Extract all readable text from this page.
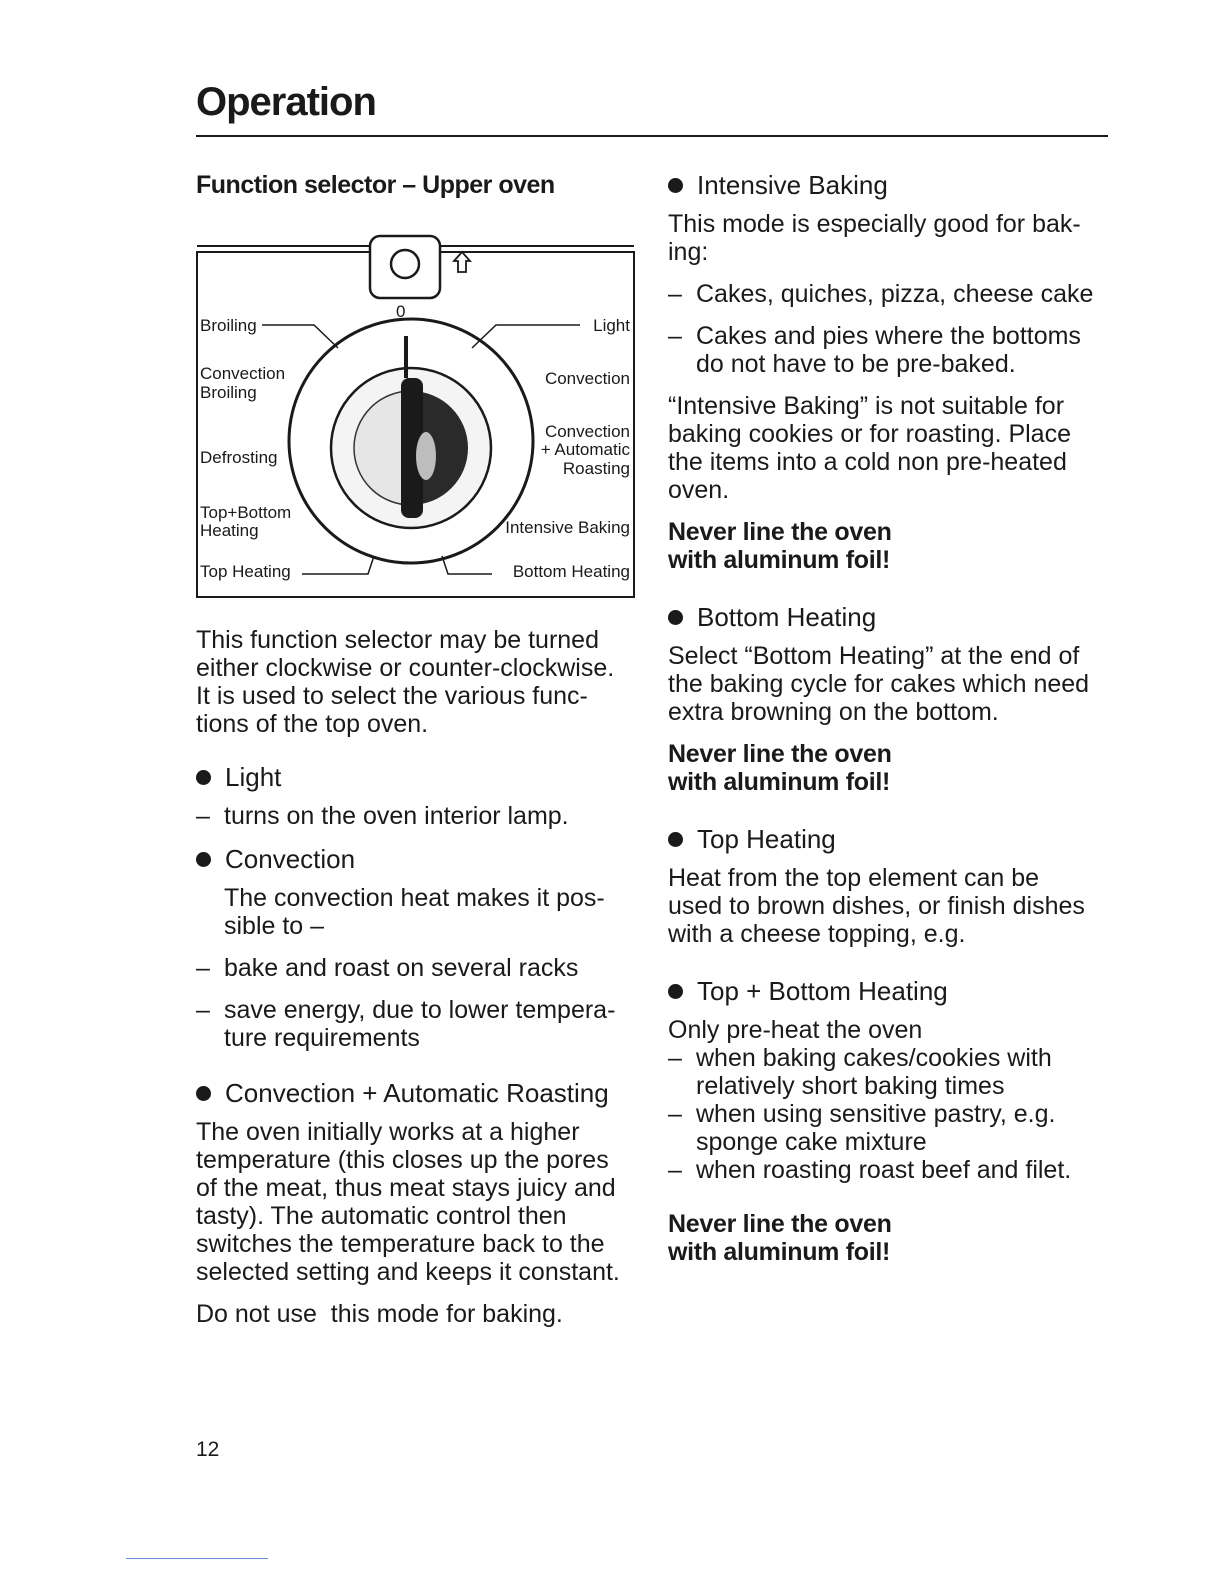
Operation
Function selector – Upper oven
0
Broiling
Convection
Broiling
Defrosting
Top+Bottom
Heating
Top Heating
Light
Convection
Convection
+ Automatic
Roasting
Intensive Baking
Bottom Heating

This function selector may be turned

either clockwise or counter-clockwise.

It is used to select the various func-

tions of the top oven.

Light
– turns on the oven interior lamp.
Convection

The convection heat makes it pos-

sible to –

– bake and roast on several racks
– save energy, due to lower tempera-
ture requirements
Convection + Automatic Roasting

The oven initially works at a higher

temperature (this closes up the pores

of the meat, thus meat stays juicy and

tasty). The automatic control then

switches the temperature back to the

selected setting and keeps it constant.

Do not use  this mode for baking.

Intensive Baking

This mode is especially good for bak-

ing:

– Cakes, quiches, pizza, cheese cake
– Cakes and pies where the bottoms
do not have to be pre-baked.

“Intensive Baking” is not suitable for

baking cookies or for roasting. Place

the items into a cold non pre-heated

oven.

Never line the oven
with aluminum foil!
Bottom Heating

Select “Bottom Heating” at the end of

the baking cycle for cakes which need

extra browning on the bottom.

Never line the oven
with aluminum foil!
Top Heating

Heat from the top element can be

used to brown dishes, or finish dishes

with a cheese topping, e.g.

Top + Bottom Heating

Only pre-heat the oven

– when baking cakes/cookies with
relatively short baking times
– when using sensitive pastry, e.g.
sponge cake mixture
– when roasting roast beef and filet.
Never line the oven
with aluminum foil!
12
